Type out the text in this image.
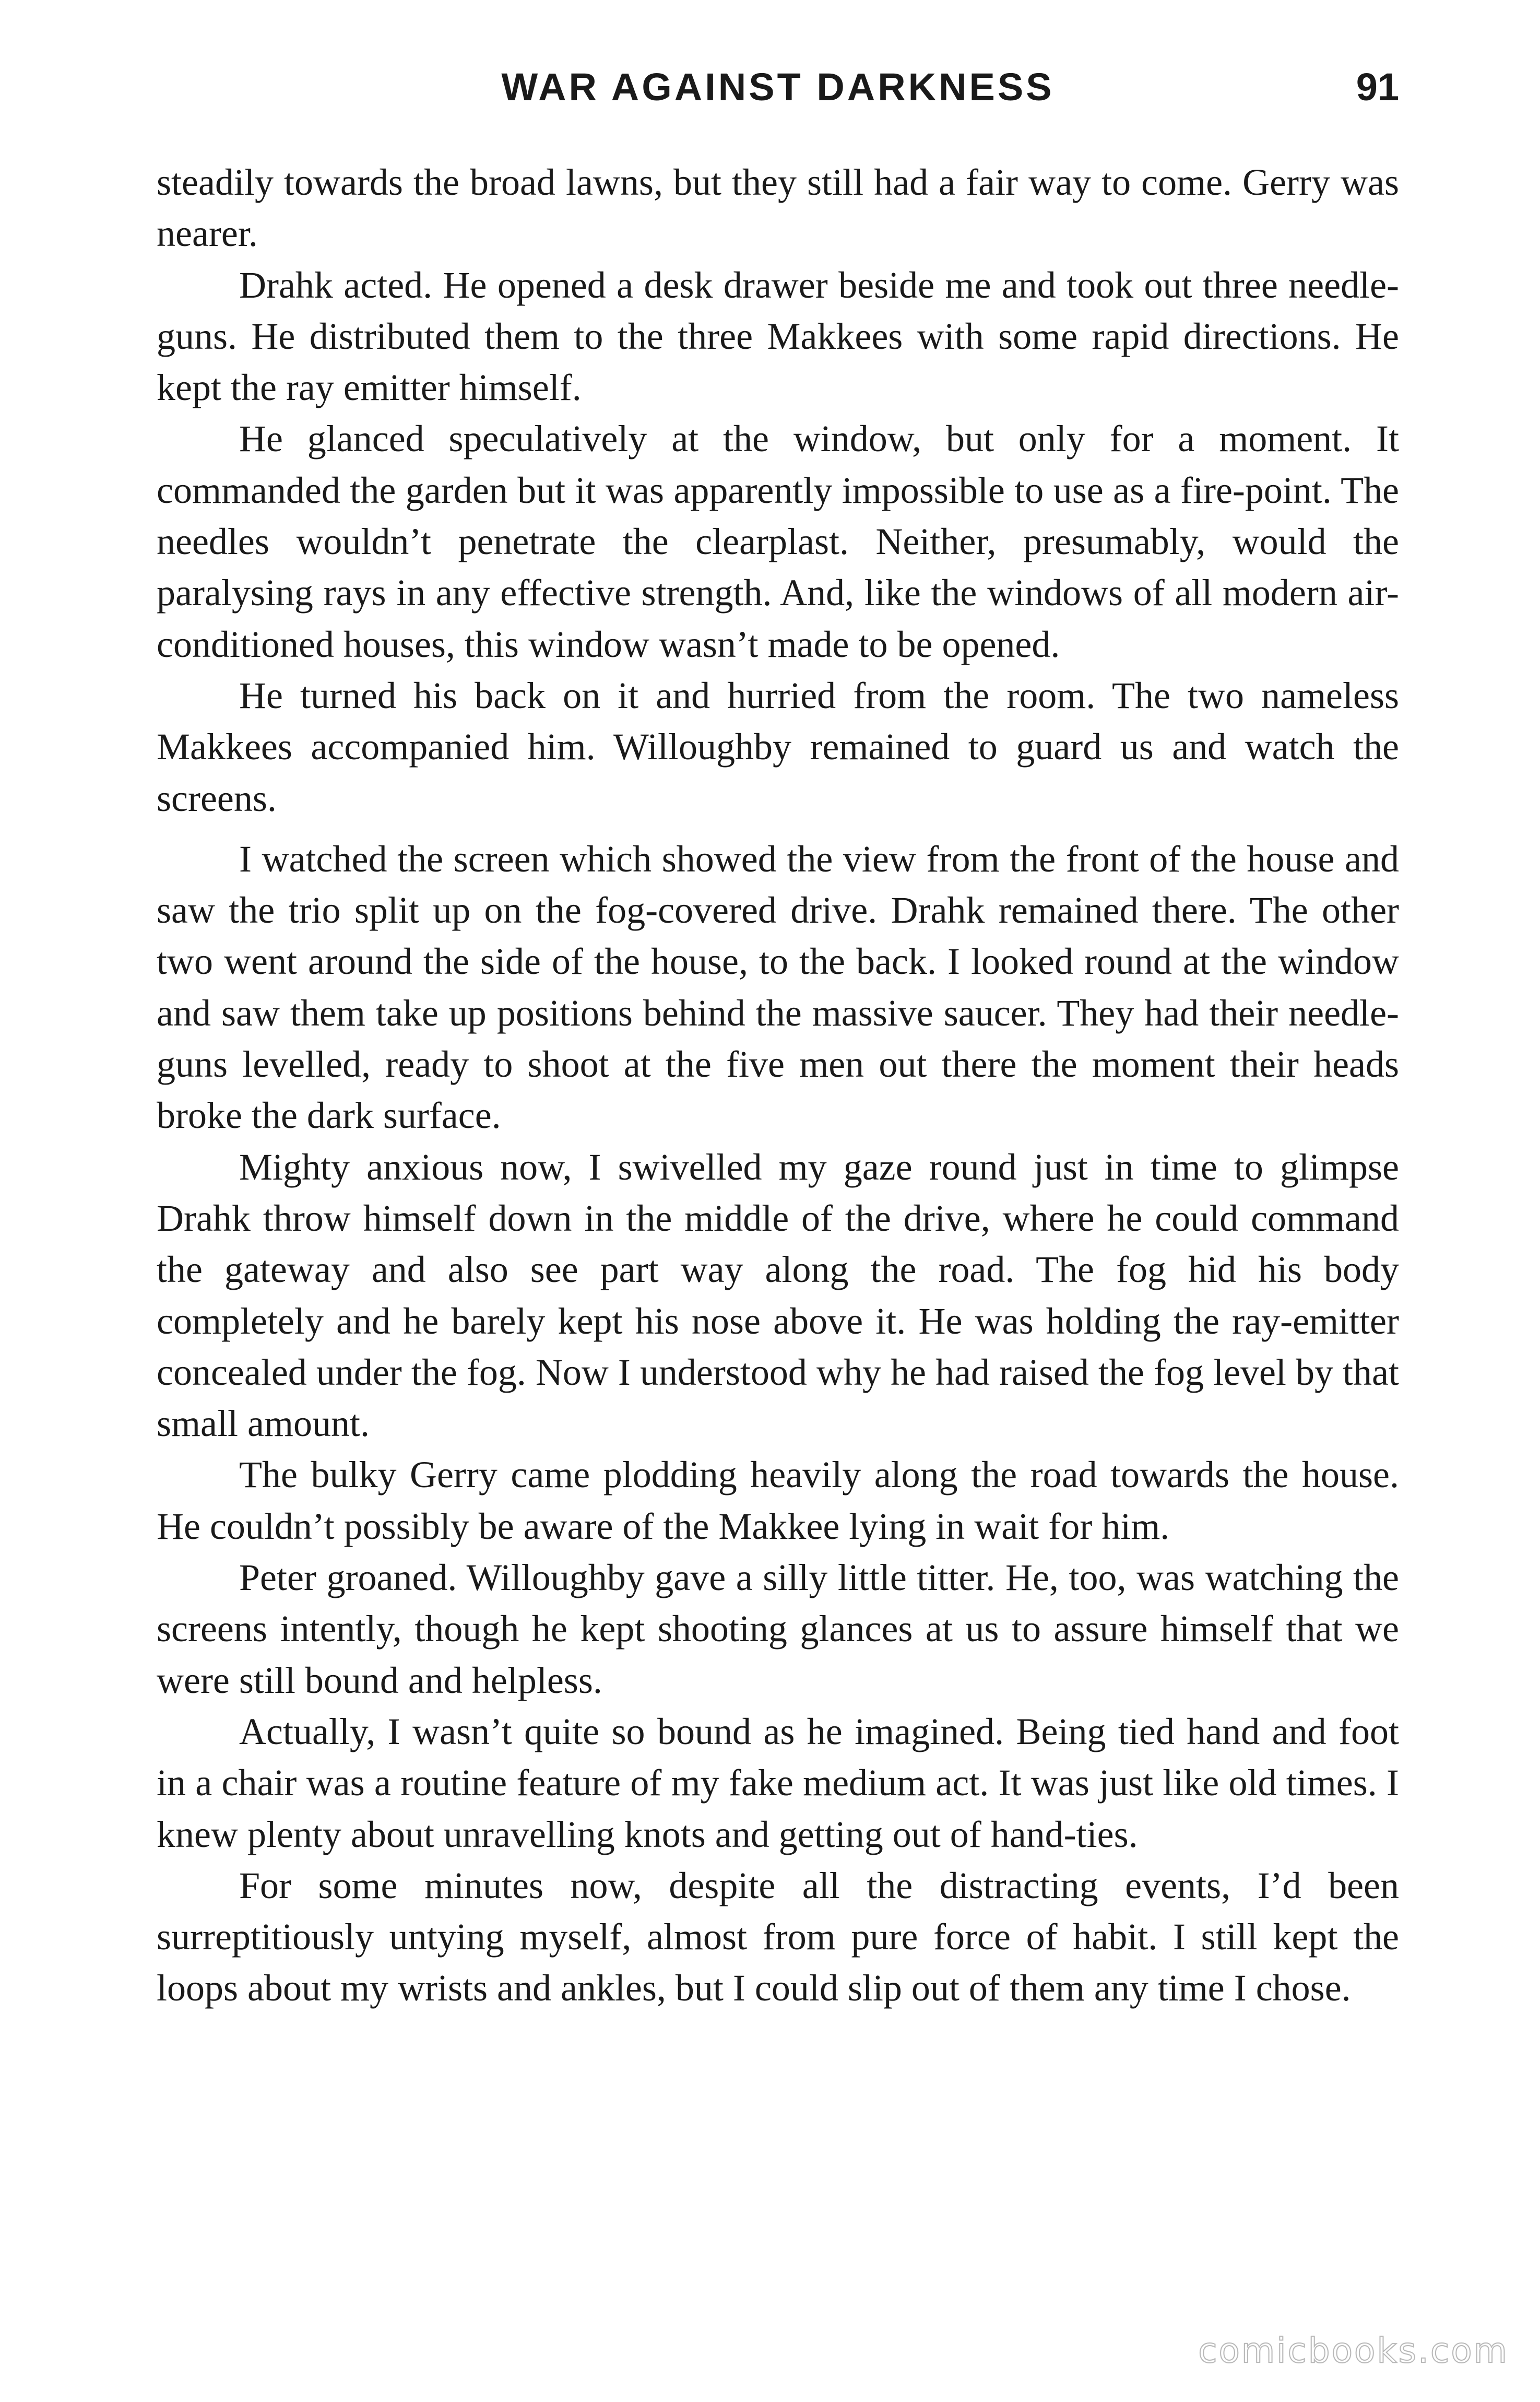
WAR AGAINST DARKNESS	91

steadily towards the broad lawns, but they still had a fair way to come. Gerry was nearer.

Drahk acted. He opened a desk drawer beside me and took out three needle-guns. He distributed them to the three Makkees with some rapid directions. He kept the ray emitter himself.

He glanced speculatively at the window, but only for a moment. It commanded the garden but it was apparently impossible to use as a fire-point. The needles wouldn’t penetrate the clearplast. Neither, presumably, would the paralysing rays in any effective strength. And, like the windows of all modern air-conditioned houses, this window wasn’t made to be opened.

He turned his back on it and hurried from the room. The two nameless Makkees accompanied him. Willoughby remained to guard us and watch the screens.

I watched the screen which showed the view from the front of the house and saw the trio split up on the fog-covered drive. Drahk remained there. The other two went around the side of the house, to the back. I looked round at the window and saw them take up positions behind the massive saucer. They had their needle-guns levelled, ready to shoot at the five men out there the moment their heads broke the dark surface.

Mighty anxious now, I swivelled my gaze round just in time to glimpse Drahk throw himself down in the middle of the drive, where he could command the gateway and also see part way along the road. The fog hid his body completely and he barely kept his nose above it. He was holding the ray-emitter concealed under the fog. Now I understood why he had raised the fog level by that small amount.

The bulky Gerry came plodding heavily along the road towards the house. He couldn’t possibly be aware of the Makkee lying in wait for him.

Peter groaned. Willoughby gave a silly little titter. He, too, was watching the screens intently, though he kept shooting glances at us to assure himself that we were still bound and helpless.

Actually, I wasn’t quite so bound as he imagined. Being tied hand and foot in a chair was a routine feature of my fake medium act. It was just like old times. I knew plenty about unravelling knots and getting out of hand-ties.

For some minutes now, despite all the distracting events, I’d been surreptitiously untying myself, almost from pure force of habit. I still kept the loops about my wrists and ankles, but I could slip out of them any time I chose.

comicbooks.com
